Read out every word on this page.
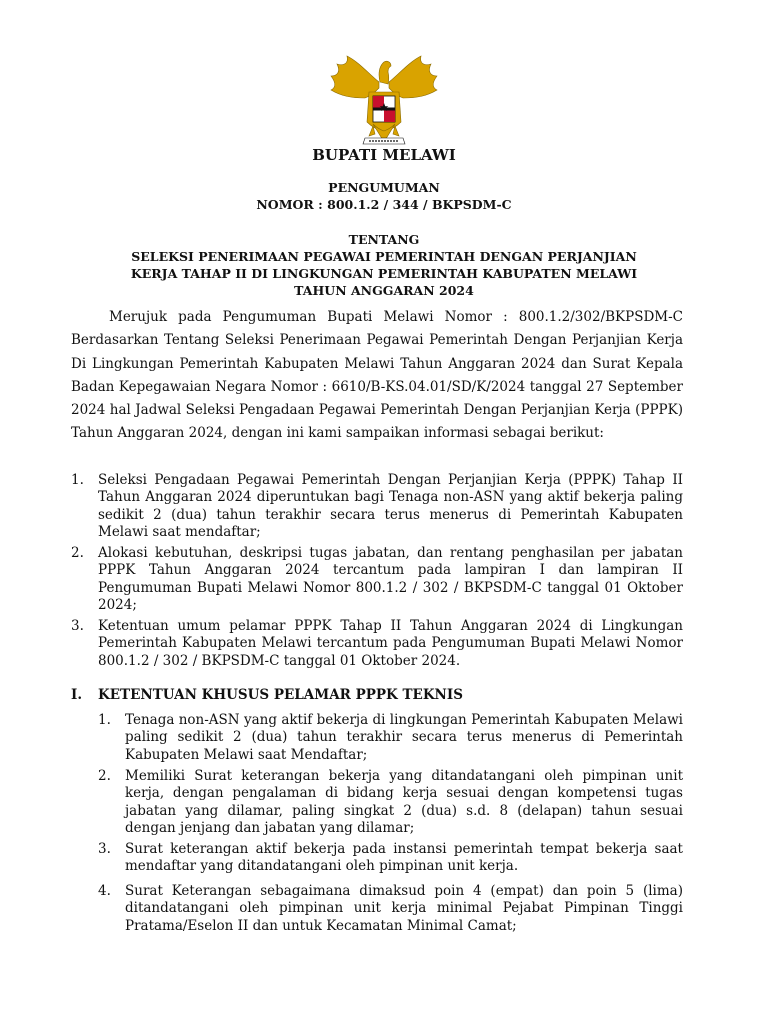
BUPATI MELAWI
PENGUMUMAN
NOMOR : 800.1.2 / 344 / BKPSDM-C
TENTANG
SELEKSI PENERIMAAN PEGAWAI PEMERINTAH DENGAN PERJANJIAN
KERJA TAHAP II DI LINGKUNGAN PEMERINTAH KABUPATEN MELAWI
TAHUN ANGGARAN 2024
Merujuk pada Pengumuman Bupati Melawi Nomor : 800.1.2/302/BKPSDM-C Berdasarkan Tentang Seleksi Penerimaan Pegawai Pemerintah Dengan Perjanjian Kerja Di Lingkungan Pemerintah Kabupaten Melawi Tahun Anggaran 2024 dan Surat Kepala Badan Kepegawaian Negara Nomor : 6610/B-KS.04.01/SD/K/2024 tanggal 27 September 2024 hal Jadwal Seleksi Pengadaan Pegawai Pemerintah Dengan Perjanjian Kerja (PPPK) Tahun Anggaran 2024, dengan ini kami sampaikan informasi sebagai berikut:
1.	Seleksi Pengadaan Pegawai Pemerintah Dengan Perjanjian Kerja (PPPK) Tahap II Tahun Anggaran 2024 diperuntukan bagi Tenaga non-ASN yang aktif bekerja paling sedikit 2 (dua) tahun terakhir secara terus menerus di Pemerintah Kabupaten Melawi saat mendaftar;
2.	Alokasi kebutuhan, deskripsi tugas jabatan, dan rentang penghasilan per jabatan PPPK Tahun Anggaran 2024 tercantum pada lampiran I dan lampiran II Pengumuman Bupati Melawi Nomor 800.1.2 / 302 / BKPSDM-C tanggal 01 Oktober 2024;
3.	Ketentuan umum pelamar PPPK Tahap II Tahun Anggaran 2024 di Lingkungan Pemerintah Kabupaten Melawi tercantum pada Pengumuman Bupati Melawi Nomor 800.1.2 / 302 / BKPSDM-C tanggal 01 Oktober 2024.
I.	KETENTUAN KHUSUS PELAMAR PPPK TEKNIS
1.	Tenaga non-ASN yang aktif bekerja di lingkungan Pemerintah Kabupaten Melawi paling sedikit 2 (dua) tahun terakhir secara terus menerus di Pemerintah Kabupaten Melawi saat Mendaftar;
2.	Memiliki Surat keterangan bekerja yang ditandatangani oleh pimpinan unit kerja, dengan pengalaman di bidang kerja sesuai dengan kompetensi tugas jabatan yang dilamar, paling singkat 2 (dua) s.d. 8 (delapan) tahun sesuai dengan jenjang dan jabatan yang dilamar;
3.	Surat keterangan aktif bekerja pada instansi pemerintah tempat bekerja saat mendaftar yang ditandatangani oleh pimpinan unit kerja.
4.	Surat Keterangan sebagaimana dimaksud poin 4 (empat) dan poin 5 (lima) ditandatangani oleh pimpinan unit kerja minimal Pejabat Pimpinan Tinggi Pratama/Eselon II dan untuk Kecamatan Minimal Camat;
